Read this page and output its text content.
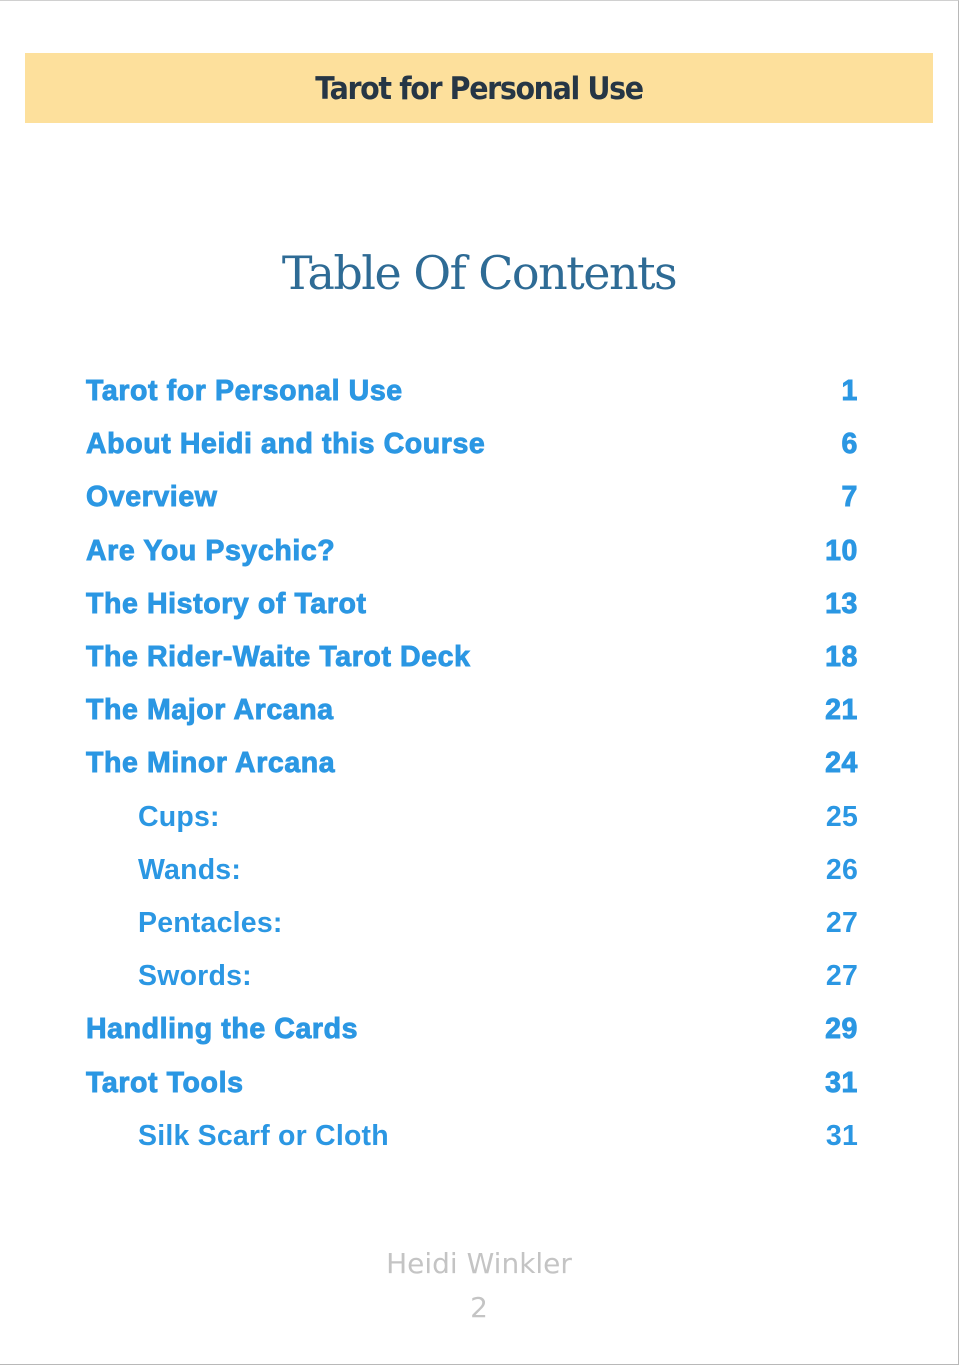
Tarot for Personal Use
Table Of Contents
Tarot for Personal Use	1
About Heidi and this Course	6
Overview	7
Are You Psychic?	10
The History of Tarot	13
The Rider-Waite Tarot Deck	18
The Major Arcana	21
The Minor Arcana	24
Cups:	25
Wands:	26
Pentacles:	27
Swords:	27
Handling the Cards	29
Tarot Tools	31
Silk Scarf or Cloth	31
Heidi Winkler
2
